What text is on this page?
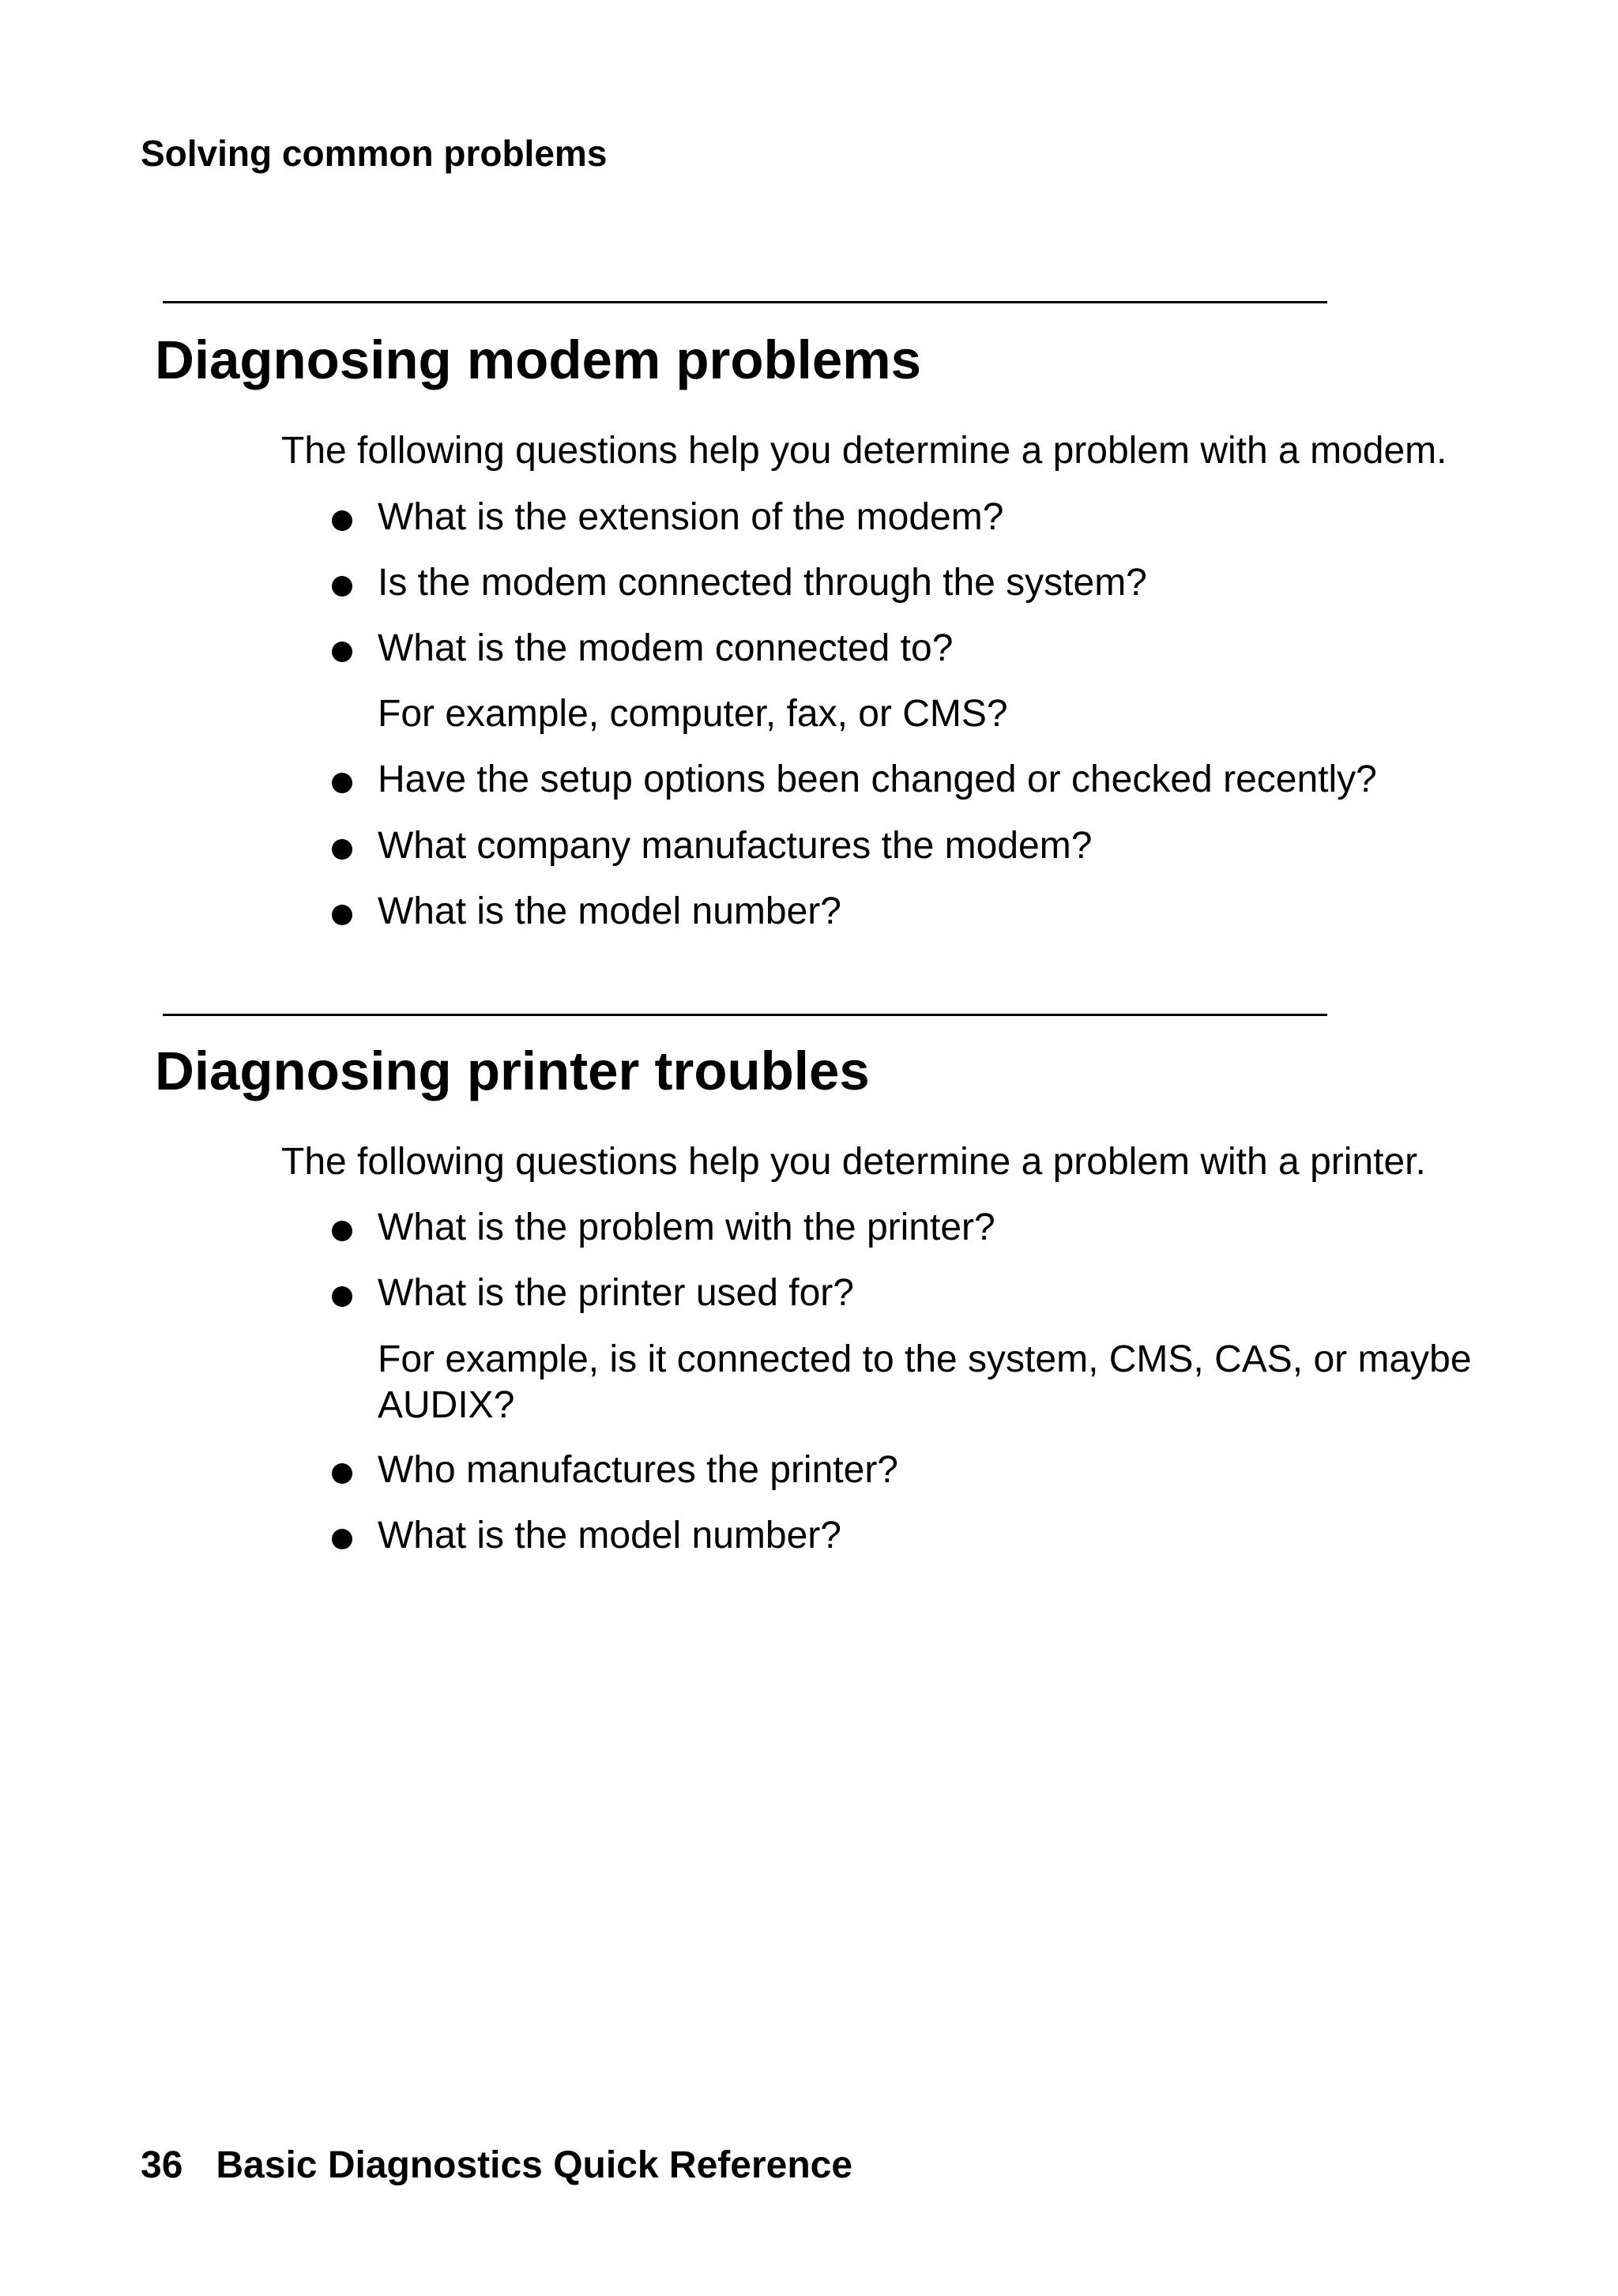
Solving common problems
Diagnosing modem problems

The following questions help you determine a problem with a modem.

What is the extension of the modem?
Is the modem connected through the system?
What is the modem connected to?
For example, computer, fax, or CMS?
Have the setup options been changed or checked recently?
What company manufactures the modem?
What is the model number?
Diagnosing printer troubles

The following questions help you determine a problem with a printer.

What is the problem with the printer?
What is the printer used for?
For example, is it connected to the system, CMS, CAS, or maybe AUDIX?
Who manufactures the printer?
What is the model number?
36 Basic Diagnostics Quick Reference
